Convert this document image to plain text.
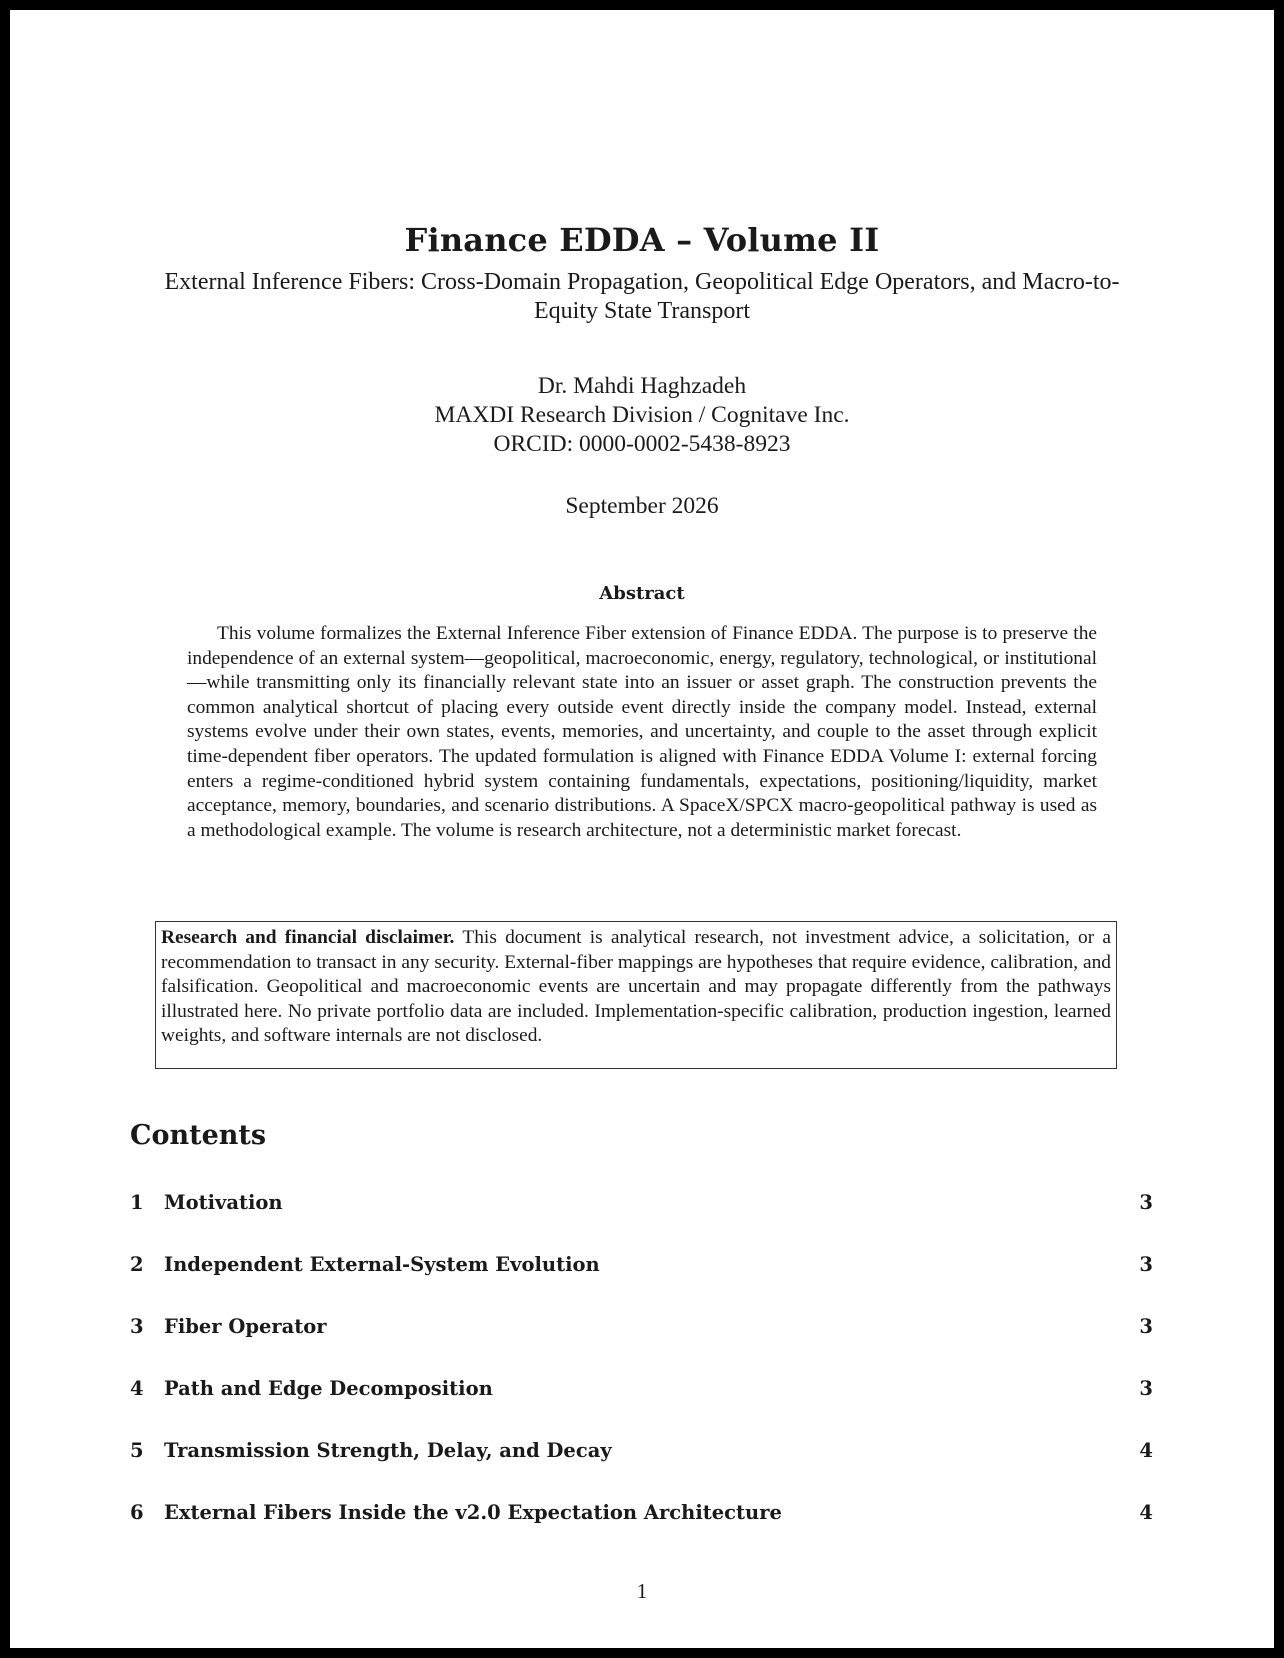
Finance EDDA – Volume II
External Inference Fibers: Cross-Domain Propagation, Geopolitical Edge Operators, and Macro-to-Equity State Transport
Dr. Mahdi Haghzadeh
MAXDI Research Division / Cognitave Inc.
ORCID: 0000-0002-5438-8923
September 2026
Abstract
This volume formalizes the External Inference Fiber extension of Finance EDDA. The purpose is to preserve the independence of an external system—geopolitical, macroeconomic, energy, regulatory, technological, or institutional—while transmitting only its financially relevant state into an issuer or asset graph. The construction prevents the common analytical shortcut of placing every outside event directly inside the company model. Instead, external systems evolve under their own states, events, memories, and uncertainty, and couple to the asset through explicit time-dependent fiber operators. The updated formulation is aligned with Finance EDDA Volume I: external forcing enters a regime-conditioned hybrid system containing fundamentals, expectations, positioning/liquidity, market acceptance, memory, boundaries, and scenario distributions. A SpaceX/SPCX macro-geopolitical pathway is used as a methodological example. The volume is research architecture, not a deterministic market forecast.
Research and financial disclaimer. This document is analytical research, not investment advice, a solicitation, or a recommendation to transact in any security. External-fiber mappings are hypotheses that require evidence, calibration, and falsification. Geopolitical and macroeconomic events are uncertain and may propagate differently from the pathways illustrated here. No private portfolio data are included. Implementation-specific calibration, production ingestion, learned weights, and software internals are not disclosed.
Contents
1 Motivation	3
2 Independent External-System Evolution	3
3 Fiber Operator	3
4 Path and Edge Decomposition	3
5 Transmission Strength, Delay, and Decay	4
6 External Fibers Inside the v2.0 Expectation Architecture	4
1
